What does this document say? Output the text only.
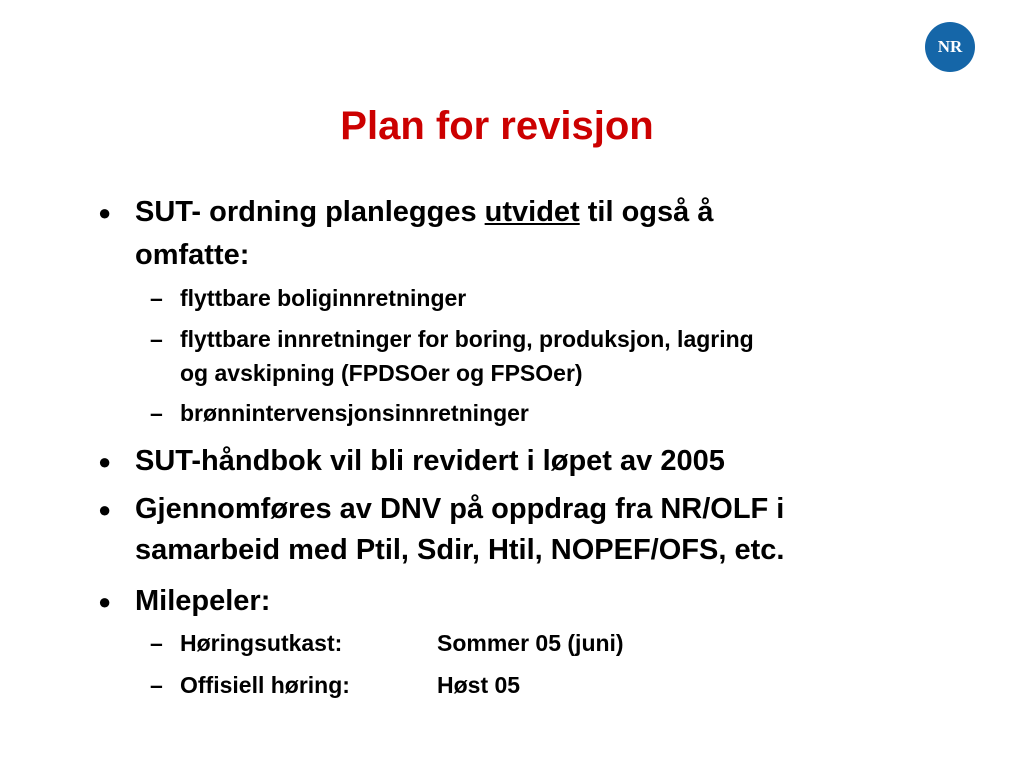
NR
Plan for revisjon
● SUT- ordning planlegges utvidet til også å
omfatte:
– flyttbare boliginnretninger
– flyttbare innretninger for boring, produksjon, lagring
og avskipning (FPDSOer og FPSOer)
– brønnintervensjonsinnretninger
● SUT-håndbok vil bli revidert i løpet av 2005
● Gjennomføres av DNV på oppdrag fra NR/OLF i
samarbeid med Ptil, Sdir, Htil, NOPEF/OFS, etc.
● Milepeler:
– Høringsutkast:	Sommer 05 (juni)
– Offisiell høring:	Høst 05
